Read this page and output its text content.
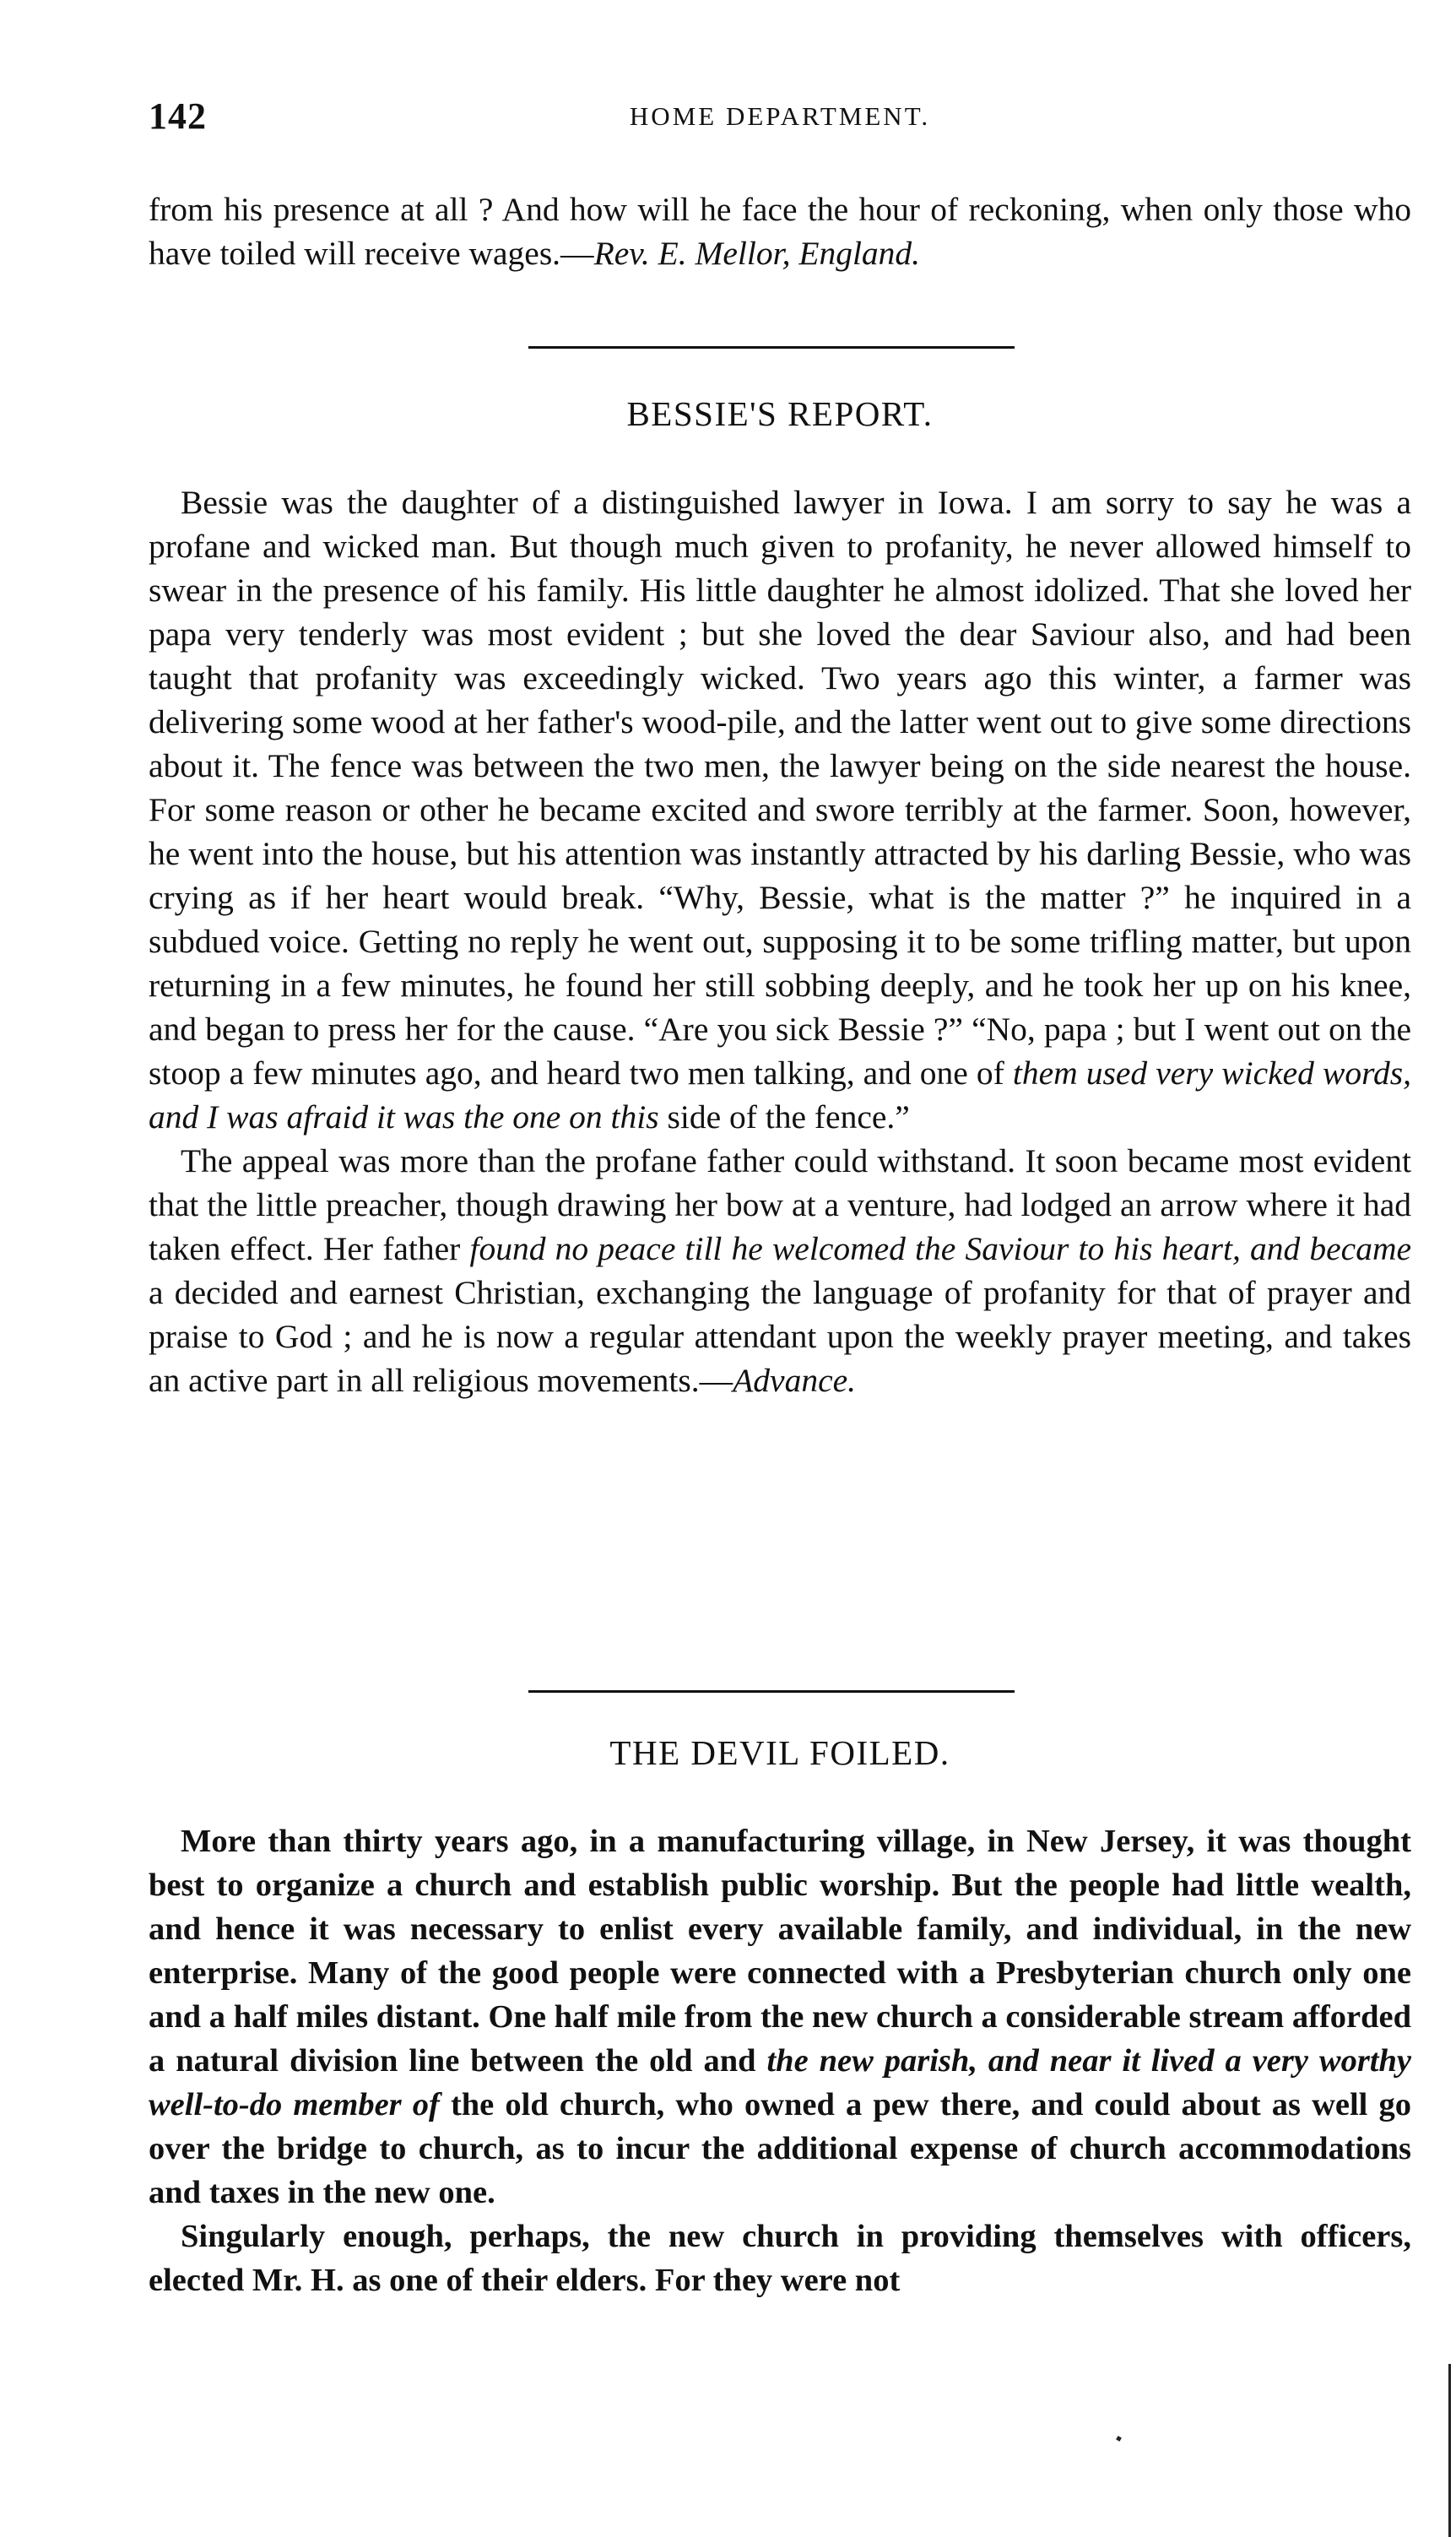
142	HOME DEPARTMENT.

from his presence at all ? And how will he face the hour of reckoning, when only those who have toiled will receive wages.—Rev. E. Mellor, England.

BESSIE'S REPORT.

Bessie was the daughter of a distinguished lawyer in Iowa. I am sorry to say he was a profane and wicked man. But though much given to profanity, he never allowed himself to swear in the presence of his family. His little daughter he almost idolized. That she loved her papa very tenderly was most evident ; but she loved the dear Saviour also, and had been taught that profanity was exceedingly wicked. Two years ago this winter, a farmer was delivering some wood at her father's wood-pile, and the latter went out to give some directions about it. The fence was between the two men, the lawyer being on the side nearest the house. For some reason or other he became excited and swore terribly at the farmer. Soon, however, he went into the house, but his attention was instantly attracted by his darling Bessie, who was crying as if her heart would break. “Why, Bessie, what is the matter ?” he inquired in a subdued voice. Getting no reply he went out, supposing it to be some trifling matter, but upon returning in a few minutes, he found her still sobbing deeply, and he took her up on his knee, and began to press her for the cause. “Are you sick Bessie ?” “No, papa ; but I went out on the stoop a few minutes ago, and heard two men talking, and one of them used very wicked words, and I was afraid it was the one on this side of the fence.”

The appeal was more than the profane father could withstand. It soon became most evident that the little preacher, though drawing her bow at a venture, had lodged an arrow where it had taken effect. Her father found no peace till he welcomed the Saviour to his heart, and became a decided and earnest Christian, exchanging the language of profanity for that of prayer and praise to God ; and he is now a regular attendant upon the weekly prayer meeting, and takes an active part in all religious movements.—Advance.

THE DEVIL FOILED.

More than thirty years ago, in a manufacturing village, in New Jersey, it was thought best to organize a church and establish public worship. But the people had little wealth, and hence it was necessary to enlist every available family, and individual, in the new enterprise. Many of the good people were connected with a Presbyterian church only one and a half miles distant. One half mile from the new church a considerable stream afforded a natural division line between the old and the new parish, and near it lived a very worthy well-to-do member of the old church, who owned a pew there, and could about as well go over the bridge to church, as to incur the additional expense of church accommodations and taxes in the new one.

Singularly enough, perhaps, the new church in providing themselves with officers, elected Mr. H. as one of their elders. For they were not
